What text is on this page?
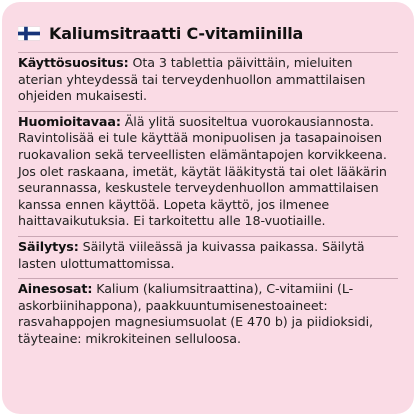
Kaliumsitraatti C-vitamiinilla

Käyttösuositus: Ota 3 tablettia päivittäin, mieluiten aterian yhteydessä tai terveydenhuollon ammattilaisen ohjeiden mukaisesti.

Huomioitavaa: Älä ylitä suositeltua vuorokausiannosta. Ravintolisää ei tule käyttää monipuolisen ja tasapainoisen ruokavalion sekä terveellisten elämäntapojen korvikkeena. Jos olet raskaana, imetät, käytät lääkitystä tai olet lääkärin seurannassa, keskustele terveydenhuollon ammattilaisen kanssa ennen käyttöä. Lopeta käyttö, jos ilmenee haittavaikutuksia. Ei tarkoitettu alle 18-vuotiaille.

Säilytys: Säilytä viileässä ja kuivassa paikassa. Säilytä lasten ulottumattomissa.

Ainesosat: Kalium (kaliumsitraattina), C-vitamiini (L-askorbiinihappona), paakkuuntumisenestoaineet: rasvahappojen magnesiumsuolat (E 470 b) ja piidioksidi, täyteaine: mikrokiteinen selluloosa.
